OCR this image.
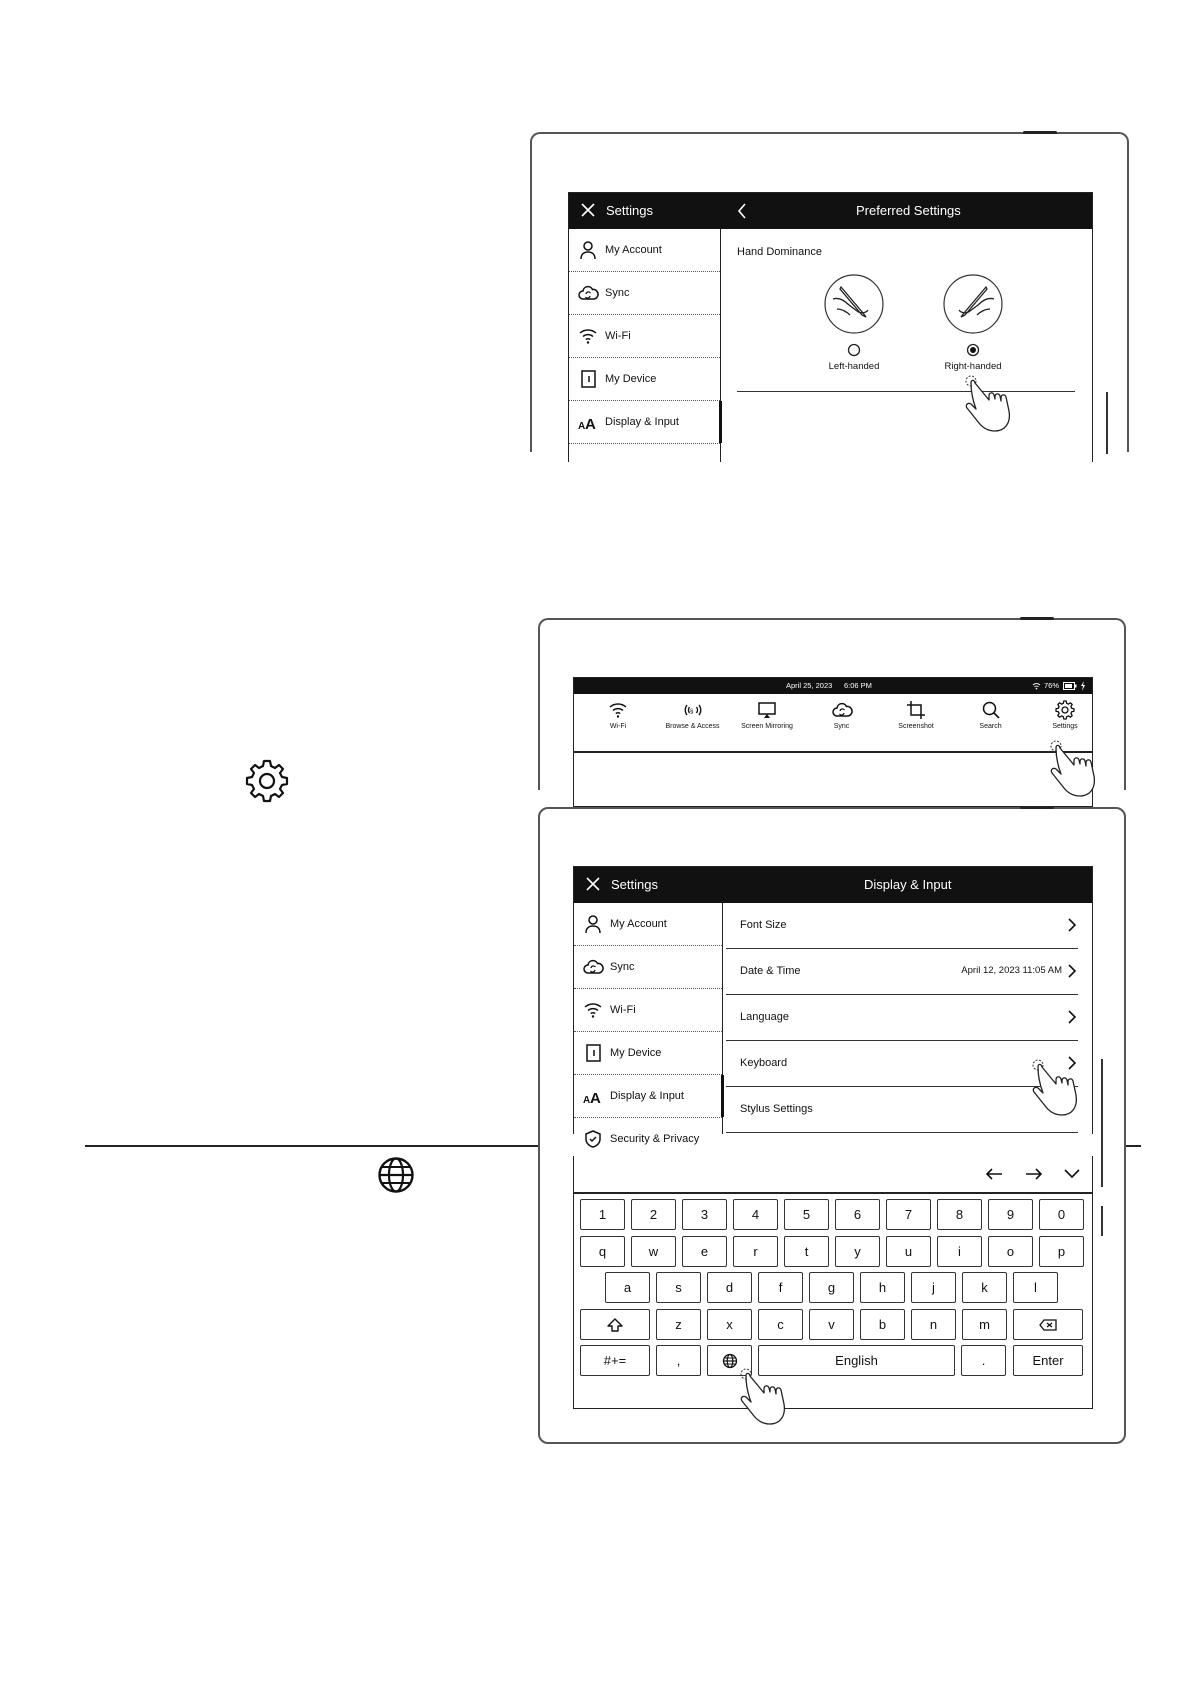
Settings	Preferred Settings
My Account
Sync
Wi-Fi
My Device
A A Display & Input
Hand Dominance
Left-handed	Right-handed
April 25, 2023 6:06 PM	76%
Wi-Fi
§
Browse & Access	Screen Mirroring	Sync	Screenshot	Search	Settings
Settings	Display & Input
My Account
Sync
Wi-Fi
My Device
A A Display & Input
Security & Privacy
Font Size
Date & Time	April 12, 2023 11:05 AM
Language
Keyboard
Stylus Settings
1	2	3	4	5	6	7	8	9	0
q	w	e	r	t	y	u	i	o	p
a	s	d	f	g	h	j	k	l
z	x	c	v	b	n	m
#+=	,	English	.	Enter
